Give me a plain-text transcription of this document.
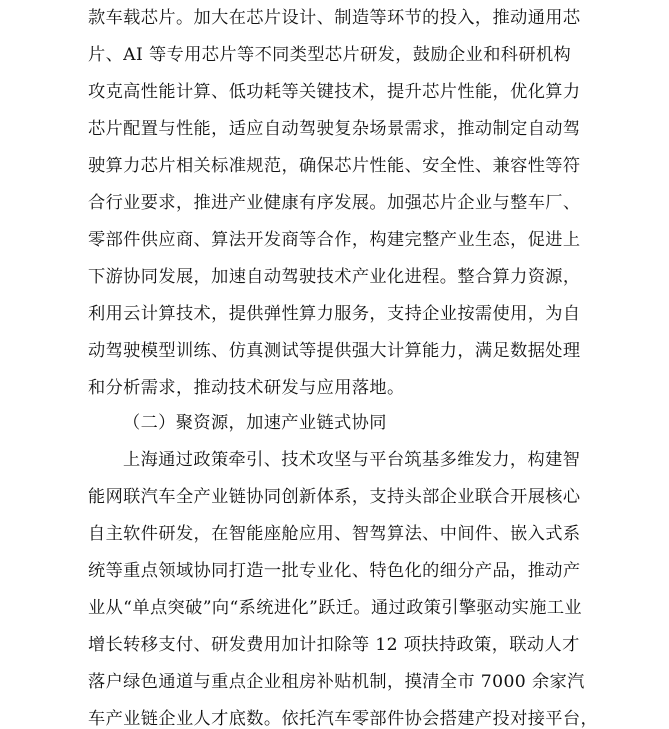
款车载芯片。加大在芯片设计、制造等环节的投入，推动通用芯
片、AI 等专用芯片等不同类型芯片研发，鼓励企业和科研机构
攻克高性能计算、低功耗等关键技术，提升芯片性能，优化算力
芯片配置与性能，适应自动驾驶复杂场景需求，推动制定自动驾
驶算力芯片相关标准规范，确保芯片性能、安全性、兼容性等符
合行业要求，推进产业健康有序发展。加强芯片企业与整车厂、
零部件供应商、算法开发商等合作，构建完整产业生态，促进上
下游协同发展，加速自动驾驶技术产业化进程。整合算力资源，
利用云计算技术，提供弹性算力服务，支持企业按需使用，为自
动驾驶模型训练、仿真测试等提供强大计算能力，满足数据处理
和分析需求，推动技术研发与应用落地。
（二）聚资源，加速产业链式协同
上海通过政策牵引、技术攻坚与平台筑基多维发力，构建智
能网联汽车全产业链协同创新体系，支持头部企业联合开展核心
自主软件研发，在智能座舱应用、智驾算法、中间件、嵌入式系
统等重点领域协同打造一批专业化、特色化的细分产品，推动产
业从“单点突破”向“系统进化”跃迁。通过政策引擎驱动实施工业
增长转移支付、研发费用加计扣除等 12 项扶持政策，联动人才
落户绿色通道与重点企业租房补贴机制，摸清全市 7000 余家汽
车产业链企业人才底数。依托汽车零部件协会搭建产投对接平台，
